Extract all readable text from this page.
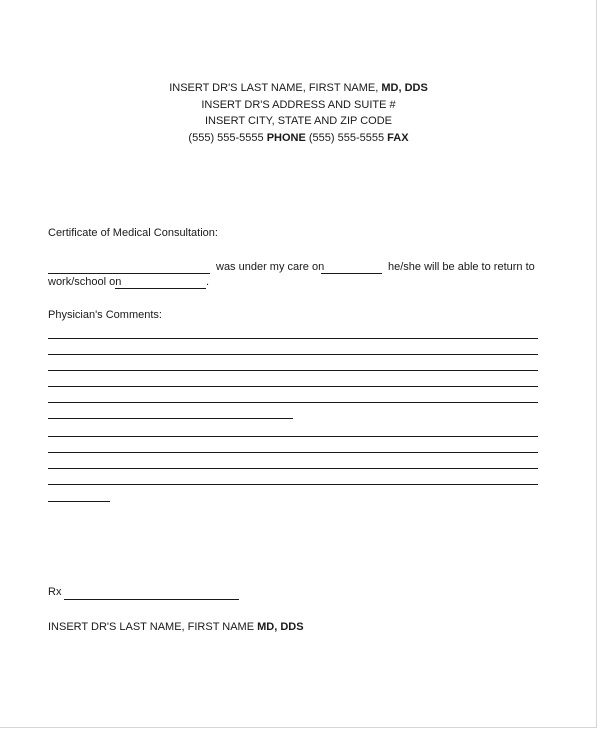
INSERT DR'S LAST NAME, FIRST NAME, MD, DDS
INSERT DR'S ADDRESS AND SUITE #
INSERT CITY, STATE AND ZIP CODE
(555) 555-5555 PHONE (555) 555-5555 FAX
Certificate of Medical Consultation:
was under my care on	he/she will be able to return to
work/school on	.
Physician's Comments:
Rx
INSERT DR'S LAST NAME, FIRST NAME MD, DDS
